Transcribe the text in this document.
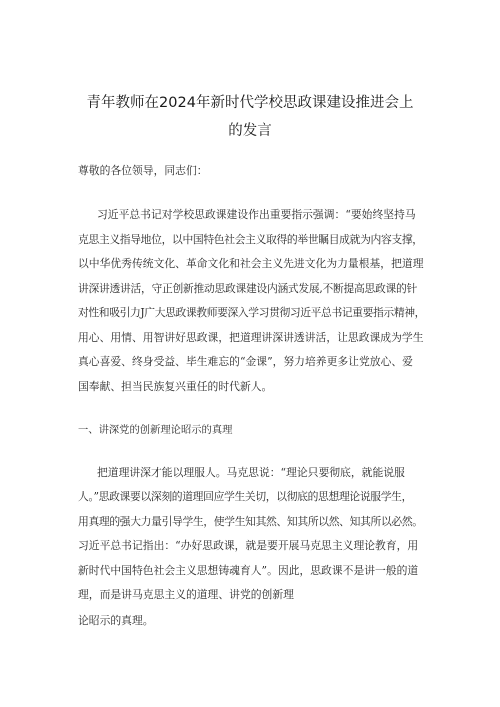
青年教师在2024年新时代学校思政课建设推进会上
的发言
尊敬的各位领导，同志们：
习近平总书记对学校思政课建设作出重要指示强调：“要始终坚持马
克思主义指导地位，以中国特色社会主义取得的举世瞩目成就为内容支撑，
以中华优秀传统文化、革命文化和社会主义先进文化为力量根基，把道理
讲深讲透讲活，守正创新推动思政课建设内涵式发展,不断提高思政课的针
对性和吸引力J广大思政课教师要深入学习贯彻习近平总书记重要指示精神，
用心、用情、用智讲好思政课，把道理讲深讲透讲活，让思政课成为学生
真心喜爱、终身受益、毕生难忘的“金课”，努力培养更多让党放心、爱
国奉献、担当民族复兴重任的时代新人。
一、讲深党的创新理论昭示的真理
把道理讲深才能以理服人。马克思说：“理论只要彻底，就能说服
人。”思政课要以深刻的道理回应学生关切，以彻底的思想理论说服学生，
用真理的强大力量引导学生，使学生知其然、知其所以然、知其所以必然。
习近平总书记指出：“办好思政课，就是要开展马克思主义理论教育，用
新时代中国特色社会主义思想铸魂育人”。因此，思政课不是讲一般的道
理，而是讲马克思主义的道理、讲党的创新理
论昭示的真理。
